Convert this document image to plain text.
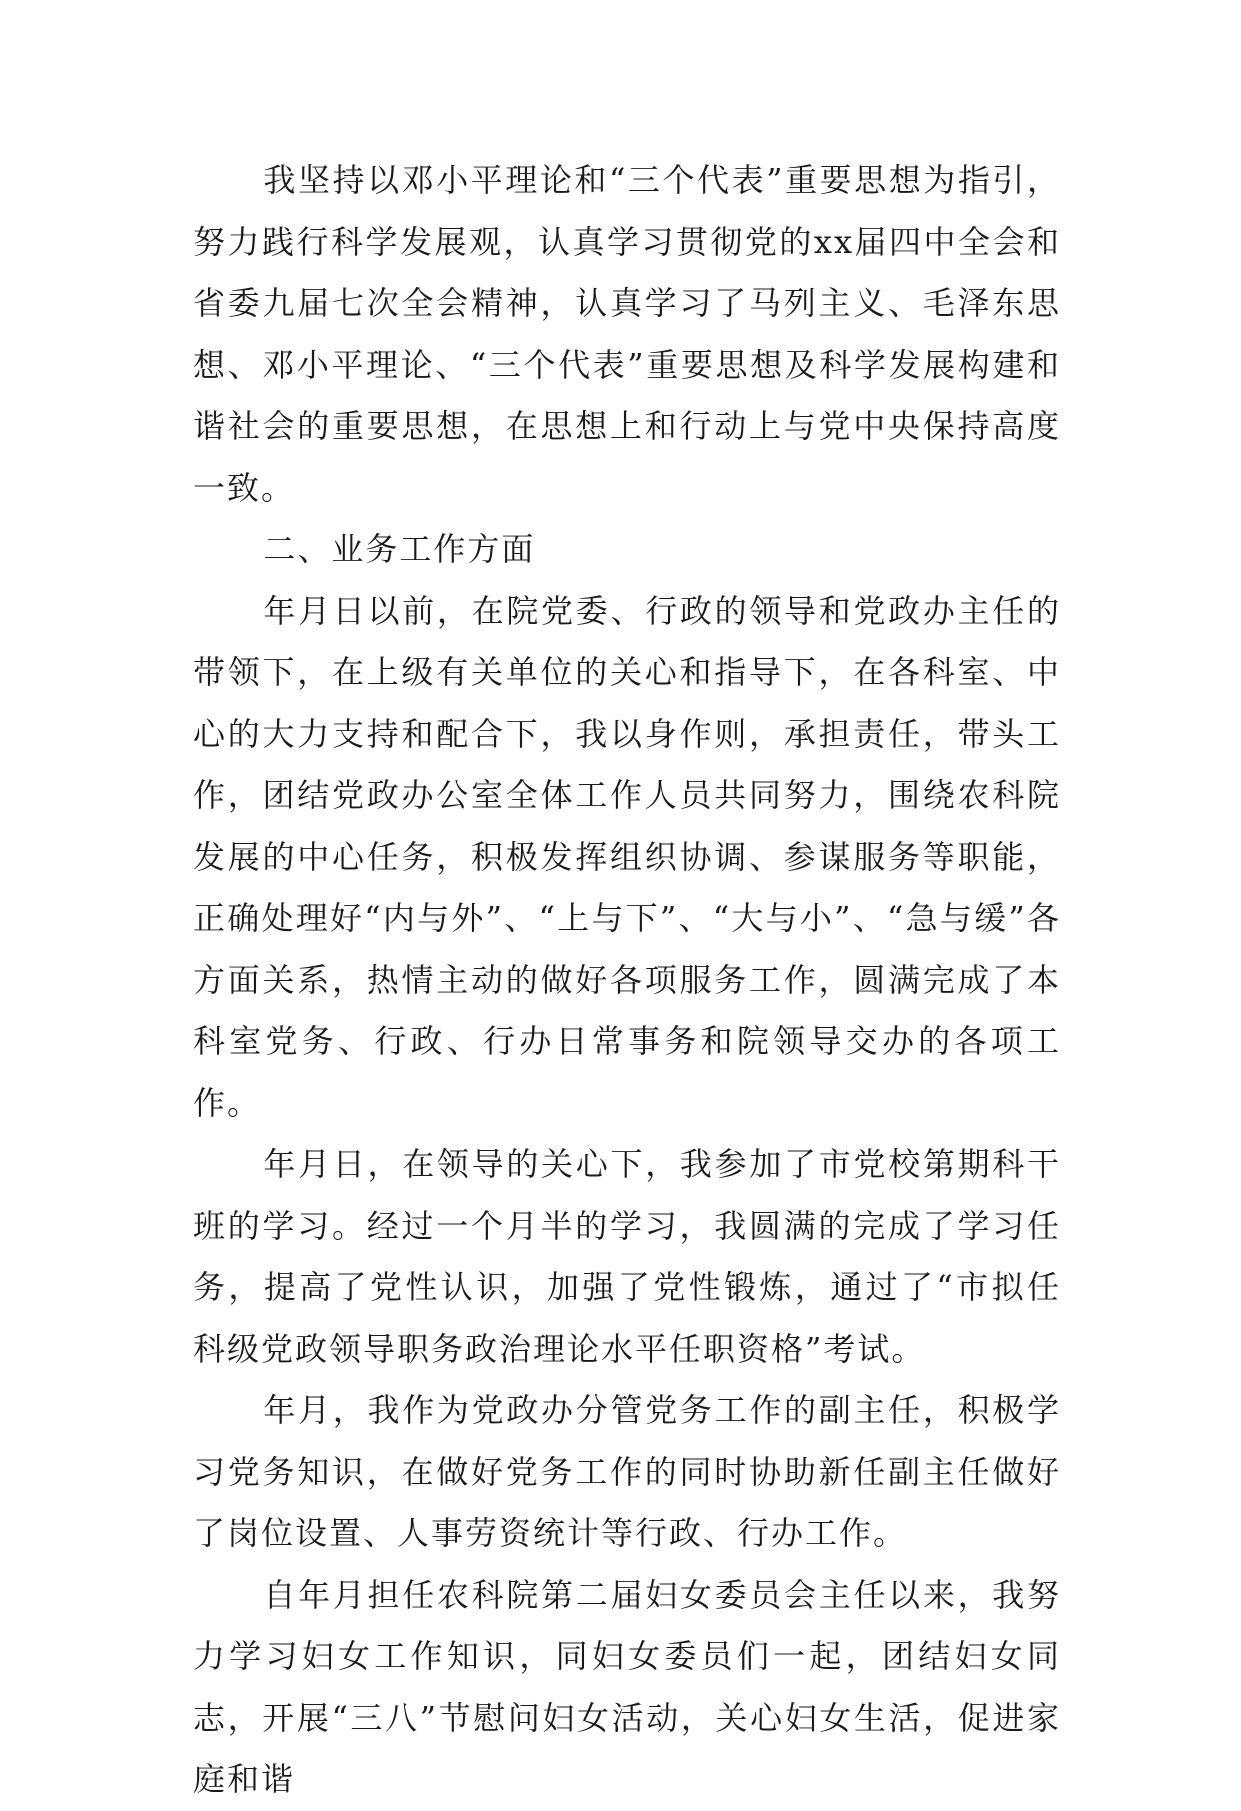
我坚持以邓小平理论和“三个代表”重要思想为指引，努力践行科学发展观，认真学习贯彻党的xx届四中全会和省委九届七次全会精神，认真学习了马列主义、毛泽东思想、邓小平理论、“三个代表”重要思想及科学发展构建和谐社会的重要思想，在思想上和行动上与党中央保持高度一致。

二、业务工作方面

年月日以前，在院党委、行政的领导和党政办主任的带领下，在上级有关单位的关心和指导下，在各科室、中心的大力支持和配合下，我以身作则，承担责任，带头工作，团结党政办公室全体工作人员共同努力，围绕农科院发展的中心任务，积极发挥组织协调、参谋服务等职能，正确处理好“内与外”、“上与下”、“大与小”、“急与缓”各方面关系，热情主动的做好各项服务工作，圆满完成了本科室党务、行政、行办日常事务和院领导交办的各项工作。

年月日，在领导的关心下，我参加了市党校第期科干班的学习。经过一个月半的学习，我圆满的完成了学习任务，提高了党性认识，加强了党性锻炼，通过了“市拟任科级党政领导职务政治理论水平任职资格”考试。

年月，我作为党政办分管党务工作的副主任，积极学习党务知识，在做好党务工作的同时协助新任副主任做好了岗位设置、人事劳资统计等行政、行办工作。

自年月担任农科院第二届妇女委员会主任以来，我努力学习妇女工作知识，同妇女委员们一起，团结妇女同志，开展“三八”节慰问妇女活动，关心妇女生活，促进家庭和谐
